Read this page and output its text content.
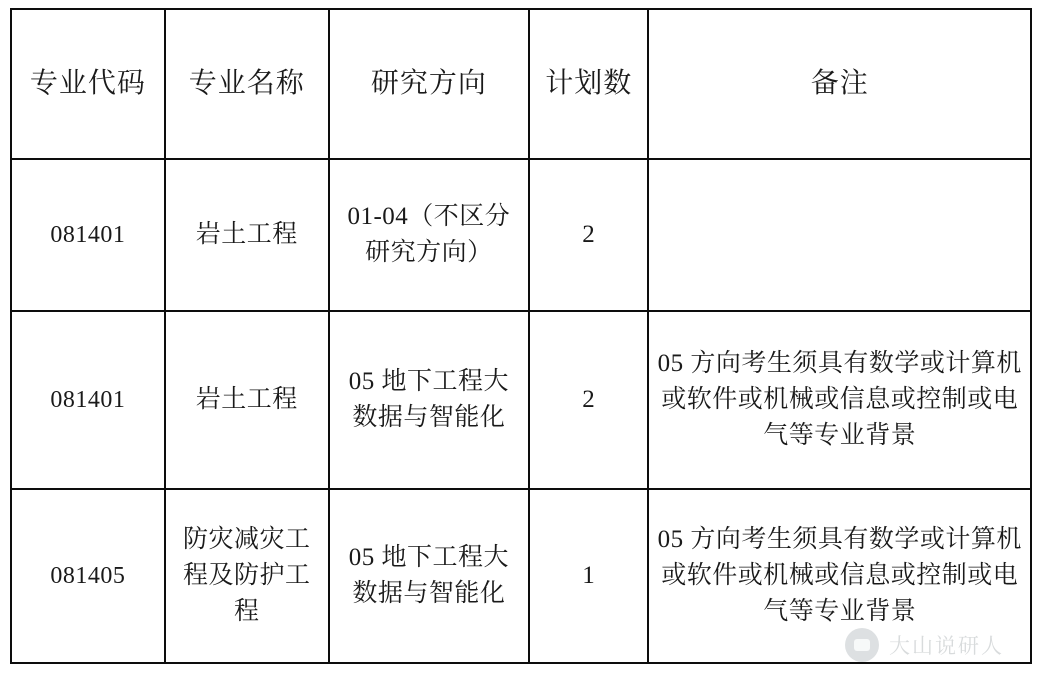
专业代码	专业名称	研究方向	计划数	备注
081401	岩土工程	01-04（不区分研究方向）	2	
081401	岩土工程	05 地下工程大数据与智能化	2	05 方向考生须具有数学或计算机或软件或机械或信息或控制或电气等专业背景
081405	防灾减灾工程及防护工程	05 地下工程大数据与智能化	1	05 方向考生须具有数学或计算机或软件或机械或信息或控制或电气等专业背景
大山说研人
